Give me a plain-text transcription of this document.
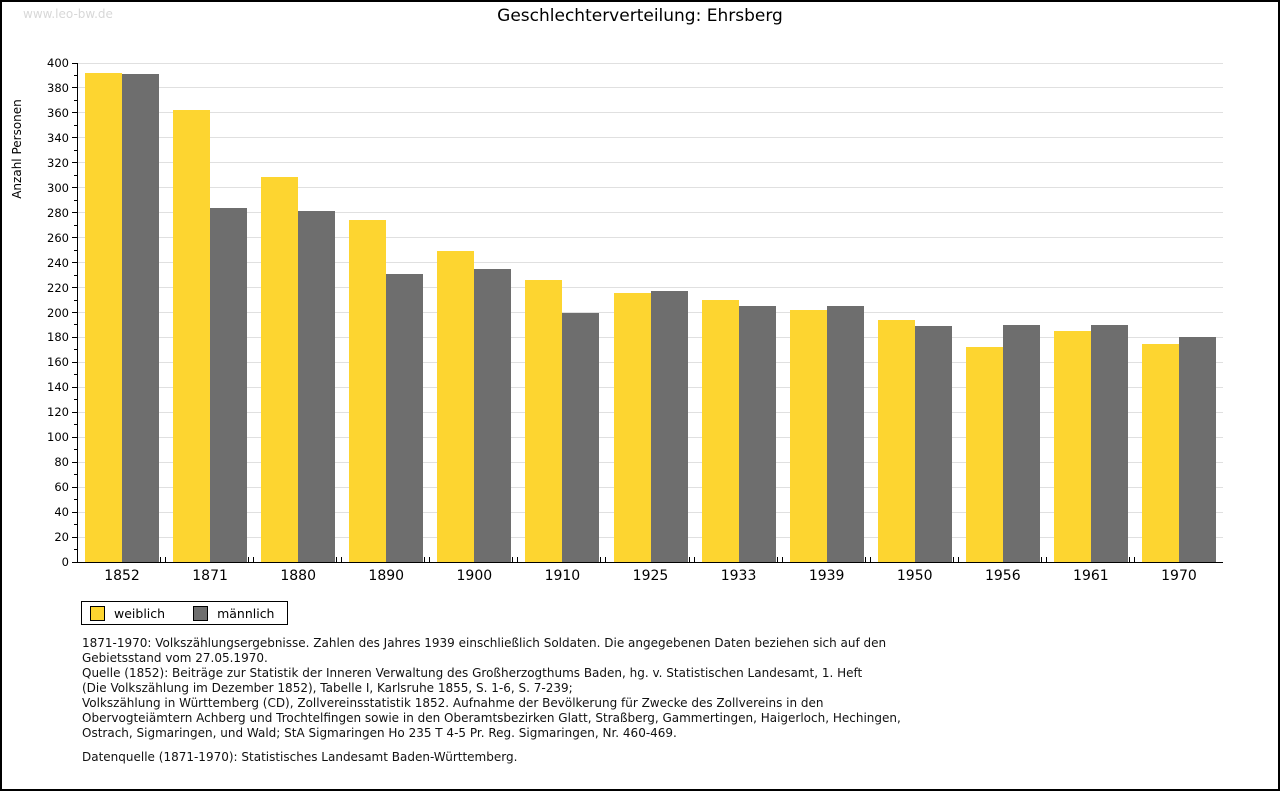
www.leo-bw.de	Geschlechterverteilung: Ehrsberg
Anzahl Personen
0
20
40
60
80
100
120
140
160
180
200
220
240
260
280
300
320
340
360
380
400
1852	1871	1880	1890	1900	1910	1925	1933	1939	1950	1956	1961	1970
weiblich	männlich
1871-1970: Volkszählungsergebnisse. Zahlen des Jahres 1939 einschließlich Soldaten. Die angegebenen Daten beziehen sich auf den
Gebietsstand vom 27.05.1970.
Quelle (1852): Beiträge zur Statistik der Inneren Verwaltung des Großherzogthums Baden, hg. v. Statistischen Landesamt, 1. Heft
(Die Volkszählung im Dezember 1852), Tabelle I, Karlsruhe 1855, S. 1-6, S. 7-239;
Volkszählung in Württemberg (CD), Zollvereinsstatistik 1852. Aufnahme der Bevölkerung für Zwecke des Zollvereins in den
Obervogteiämtern Achberg und Trochtelfingen sowie in den Oberamtsbezirken Glatt, Straßberg, Gammertingen, Haigerloch, Hechingen,
Ostrach, Sigmaringen, und Wald; StA Sigmaringen Ho 235 T 4-5 Pr. Reg. Sigmaringen, Nr. 460-469.
Datenquelle (1871-1970): Statistisches Landesamt Baden-Württemberg.
